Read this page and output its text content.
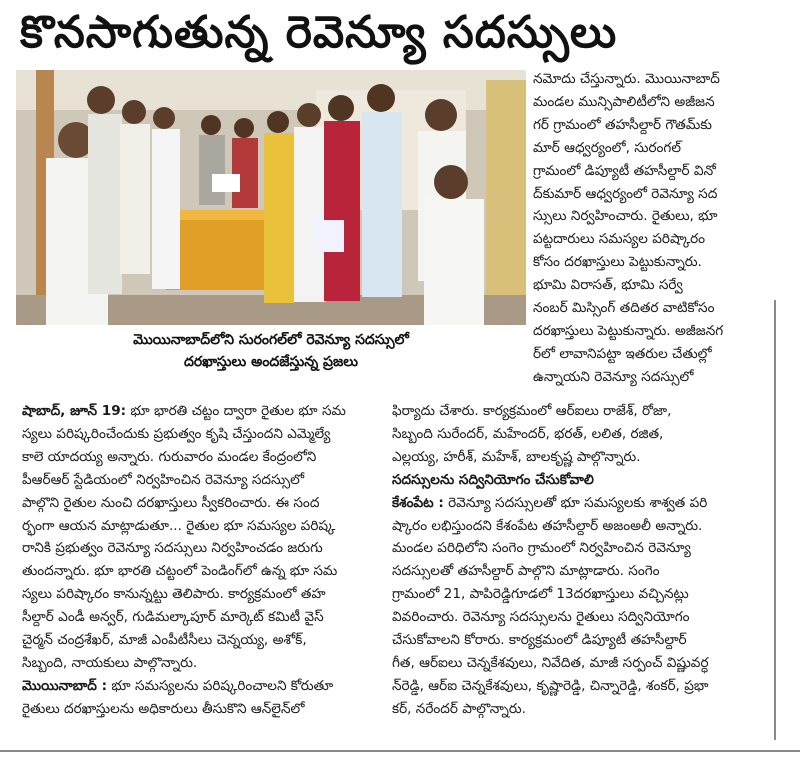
కొనసాగుతున్న రెవెన్యూ సదస్సులు
మొయినాబాద్‌లోని సురంగల్‌లో రెవెన్యూ సదస్సులో
దరఖాస్తులు అందజేస్తున్న ప్రజలు
నమోదు చేస్తున్నారు. మొయినాబాద్
మండల మున్సిపాలిటీలోని అజీజన
గర్ గ్రామంలో తహసీల్దార్ గౌతమ్‌కు
మార్ ఆధ్వర్యంలో, సురంగల్
గ్రామంలో డిప్యూటీ తహసీల్దార్ వినో
ద్‌కుమార్ ఆధ్వర్యంలో రెవెన్యూ సద
స్సులు నిర్వహించారు. రైతులు, భూ
పట్టదారులు సమస్యల పరిష్కారం
కోసం దరఖాస్తులు పెట్టుకున్నారు.
భూమి విరాసత్, భూమి సర్వే
నంబర్ మిస్సింగ్ తదితర వాటికోసం
దరఖాస్తులు పెట్టుకున్నారు. అజీజనగ
ర్‌లో లావానిపట్టా ఇతరుల చేతుల్లో
ఉన్నాయని రెవెన్యూ సదస్సులో
షాబాద్, జూన్ 19: భూ భారతి చట్టం ద్వారా రైతుల భూ సమ
స్యలు పరిష్కరించేందుకు ప్రభుత్వం కృషి చేస్తుందని ఎమ్మెల్యే
కాలె యాదయ్య అన్నారు. గురువారం మండల కేంద్రంలోని
పీఆర్ఆర్ స్టేడియంలో నిర్వహించిన రెవెన్యూ సదస్సులో
పాల్గొని రైతుల నుంచి దరఖాస్తులు స్వీకరించారు. ఈ సంద
ర్భంగా ఆయన మాట్లాడుతూ... రైతుల భూ సమస్యల పరిష్క
రానికి ప్రభుత్వం రెవెన్యూ సదస్సులు నిర్వహించడం జరుగు
తుందన్నారు. భూ భారతి చట్టంలో పెండింగ్‌లో ఉన్న భూ సమ
స్యలు పరిష్కారం కానున్నట్టు తెలిపారు. కార్యక్రమంలో తహ
సీల్దార్ ఎండీ అన్వర్, గుడిమల్కాపూర్ మార్కెట్ కమిటీ వైస్
చైర్మన్ చంద్రశేఖర్, మాజీ ఎంపీటీసీలు చెన్నయ్య, అశోక్,
సిబ్బంది, నాయకులు పాల్గొన్నారు.
మొయినాబాద్ : భూ సమస్యలను పరిష్కరించాలని కోరుతూ
రైతులు దరఖాస్తులను అధికారులు తీసుకొని ఆన్‌లైన్‌లో
ఫిర్యాదు చేశారు. కార్యక్రమంలో ఆర్ఐలు రాజేశ్, రోజా,
సిబ్బంది సురేందర్, మహేందర్, భరత్, లలిత, రజిత,
ఎల్లయ్య, హరీశ్, మహేశ్, బాలకృష్ణ పాల్గొన్నారు.
సదస్సులను సద్వినియోగం చేసుకోవాలి
కేశంపేట : రెవెన్యూ సదస్సులతో భూ సమస్యలకు శాశ్వత పరి
ష్కారం లభిస్తుందని కేశంపేట తహసీల్దార్ అజంఅలీ అన్నారు.
మండల పరిధిలోని సంగెం గ్రామంలో నిర్వహించిన రెవెన్యూ
సదస్సులతో తహసీల్దార్ పాల్గొని మాట్లాడారు. సంగెం
గ్రామంలో 21, పాపిరెడ్డిగూడలో 13దరఖాస్తులు వచ్చినట్లు
వివరించారు. రెవెన్యూ సదస్సులను రైతులు సద్వినియోగం
చేసుకోవాలని కోరారు. కార్యక్రమంలో డిప్యూటీ తహసీల్దార్
గీత, ఆర్ఐలు చెన్నకేశవులు, నివేదిత, మాజీ సర్పంచ్ విష్ణువర్ధ
న్‌రెడ్డి, ఆర్ఐ చెన్నకేశవులు, కృష్ణారెడ్డి, చిన్నారెడ్డి, శంకర్, ప్రభా
కర్, నరేందర్ పాల్గొన్నారు.
